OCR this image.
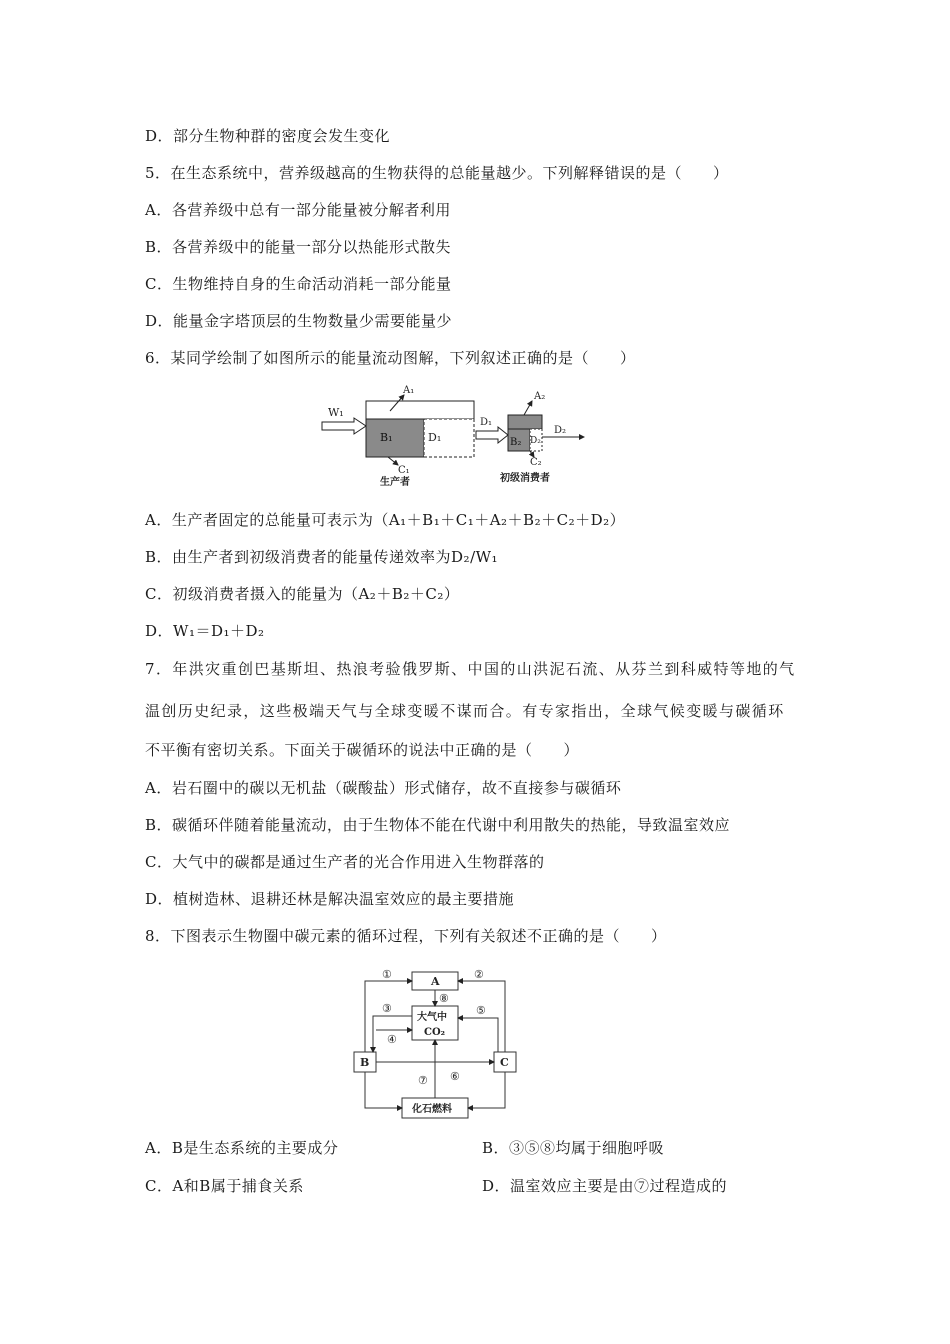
D．部分生物种群的密度会发生变化
5．在生态系统中，营养级越高的生物获得的总能量越少。下列解释错误的是（　　）
A．各营养级中总有一部分能量被分解者利用
B．各营养级中的能量一部分以热能形式散失
C．生物维持自身的生命活动消耗一部分能量
D．能量金字塔顶层的生物数量少需要能量少
6．某同学绘制了如图所示的能量流动图解，下列叙述正确的是（　　）
W₁
A₁
B₁	D₁
C₁
生产者
D₁
A₂
B₂ D₂
C₂
D₂
初级消费者
A．生产者固定的总能量可表示为（A₁＋B₁＋C₁＋A₂＋B₂＋C₂＋D₂）
B．由生产者到初级消费者的能量传递效率为D₂/W₁
C．初级消费者摄入的能量为（A₂＋B₂＋C₂）
D．W₁＝D₁＋D₂
7．年洪灾重创巴基斯坦、热浪考验俄罗斯、中国的山洪泥石流、从芬兰到科威特等地的气
温创历史纪录，这些极端天气与全球变暖不谋而合。有专家指出，全球气候变暖与碳循环
不平衡有密切关系。下面关于碳循环的说法中正确的是（　　）
A．岩石圈中的碳以无机盐（碳酸盐）形式储存，故不直接参与碳循环
B．碳循环伴随着能量流动，由于生物体不能在代谢中利用散失的热能，导致温室效应
C．大气中的碳都是通过生产者的光合作用进入生物群落的
D．植树造林、退耕还林是解决温室效应的最主要措施
8．下图表示生物圈中碳元素的循环过程，下列有关叙述不正确的是（　　）
A
大气中
CO₂
B	C
化石燃料
①	②
⑧
③	⑤
④
⑦ ⑥
A．B是生态系统的主要成分	B．③⑤⑧均属于细胞呼吸
C．A和B属于捕食关系	D．温室效应主要是由⑦过程造成的
